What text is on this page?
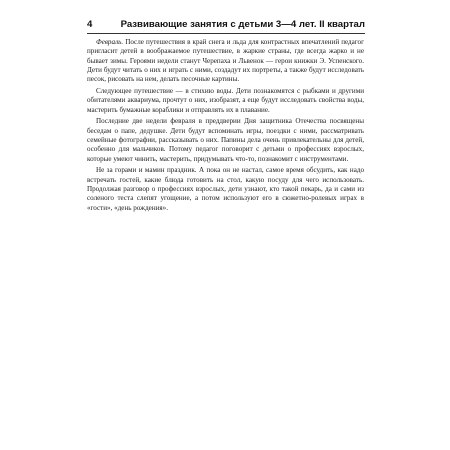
4	Развивающие занятия с детьми 3—4 лет. II квартал

Февраль. После путешествия в край снега и льда для контрастных впечатлений педагог пригласит детей в воображаемое путешествие, в жаркие страны, где всегда жарко и не бывает зимы. Героями недели станут Черепаха и Львенок — герои книжки Э. Успенского. Дети будут читать о них и играть с ними, создадут их портреты, а также будут исследовать песок, рисовать на нем, делать песочные картины.

Следующее путешествие — в стихию воды. Дети познакомятся с рыбками и другими обитателями аквариума, прочтут о них, изобразят, а еще будут исследовать свойства воды, мастерить бумажные кораблики и отправлять их в плавание.

Последние две недели февраля в преддверии Дня защитника Отечества посвящены беседам о папе, дедушке. Дети будут вспоминать игры, поездки с ними, рассматривать семейные фотографии, рассказывать о них. Папины дела очень привлекательны для детей, особенно для мальчиков. Потому педагог поговорит с детьми о профессиях взрослых, которые умеют чинить, мастерить, придумывать что-то, познакомит с инструментами.

Не за горами и мамин праздник. А пока он не настал, самое время обсудить, как надо встречать гостей, какие блюда готовить на стол, какую посуду для чего использовать. Продолжая разговор о профессиях взрослых, дети узнают, кто такой пекарь, да и сами из соленого теста слепят угощение, а потом используют его в сюжетно-ролевых играх в «гости», «день рождения».
